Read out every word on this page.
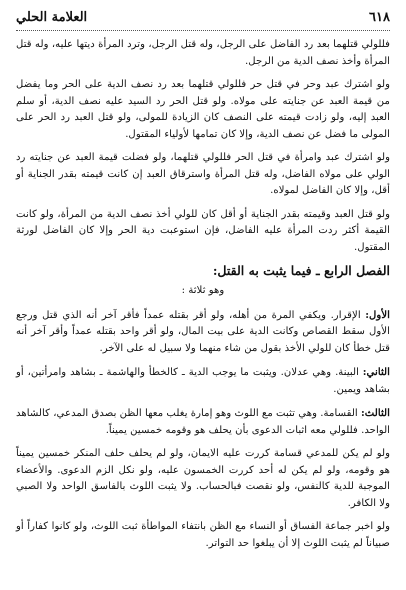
٦١٨
العلامة الحلي

فللولي قتلهما بعد رد الفاضل على الرجل، وله قتل الرجل، وترد المرأة ديتها عليه، وله قتل المرأة وأخذ نصف الدية من الرجل.

ولو اشترك عبد وحر في قتل حر فللولي قتلهما بعد رد نصف الدية على الحر وما يفضل من قيمة العبد عن جنايته على مولاه. ولو قتل الحر رد السيد عليه نصف الدية، أو سلم العبد إليه، ولو زادت قيمته على النصف كان الزيادة للمولى، ولو قتل العبد رد الحر على المولى ما فضل عن نصف الدية، وإلا كان تمامها لأولياء المقتول.

ولو اشترك عبد وامرأة في قتل الحر فللولي قتلهما، ولو فضلت قيمة العبد عن جنايته رد الولي على مولاه الفاضل، وله قتل المرأة واسترقاق العبد إن كانت قيمته بقدر الجناية أو أقل، وإلا كان الفاضل لمولاه.

ولو قتل العبد وقيمته بقدر الجناية أو أقل كان للولي أخذ نصف الدية من المرأة، ولو كانت القيمة أكثر ردت المرأة عليه الفاضل، فإن استوعبت دية الحر وإلا كان الفاضل لورثة المقتول.

الفصل الرابع ـ فيما يثبت به القتل:

وهو ثلاثة :

الأول: الإقرار. ويكفي المرة من أهله، ولو أقر بقتله عمداً فأقر آخر أنه الذي قتل ورجع الأول سقط القصاص وكانت الدية على بيت المال، ولو أقر واحد بقتله عمداً وأقر آخر أنه قتل خطأ كان للولي الأخذ بقول من شاء منهما ولا سبيل له على الآخر.

الثاني: البينة. وهي عدلان. ويثبت ما يوجب الدية ـ كالخطأ والهاشمة ـ بشاهد وامرأتين، أو بشاهد ويمين.

الثالث: القسامة. وهي تثبت مع اللوث وهو إمارة يغلب معها الظن بصدق المدعي، كالشاهد الواحد. فللولي معه اثبات الدعوى بأن يحلف هو وقومه خمسين يميناً.

ولو لم يكن للمدعي قسامة كررت عليه الايمان، ولو لم يحلف حلف المنكر خمسين يميناً هو وقومه، ولو لم يكن له أحد كررت الخمسون عليه، ولو نكل الزم الدعوى. والأعضاء الموجبة للدية كالنفس، ولو نقصت فبالحساب. ولا يثبت اللوث بالفاسق الواحد ولا الصبي ولا الكافر.

ولو اخبر جماعة الفساق أو النساء مع الظن بانتفاء المواطأة ثبت اللوث، ولو كانوا كفاراً أو صبياناً لم يثبت اللوث إلا أن يبلغوا حد التواتر.
